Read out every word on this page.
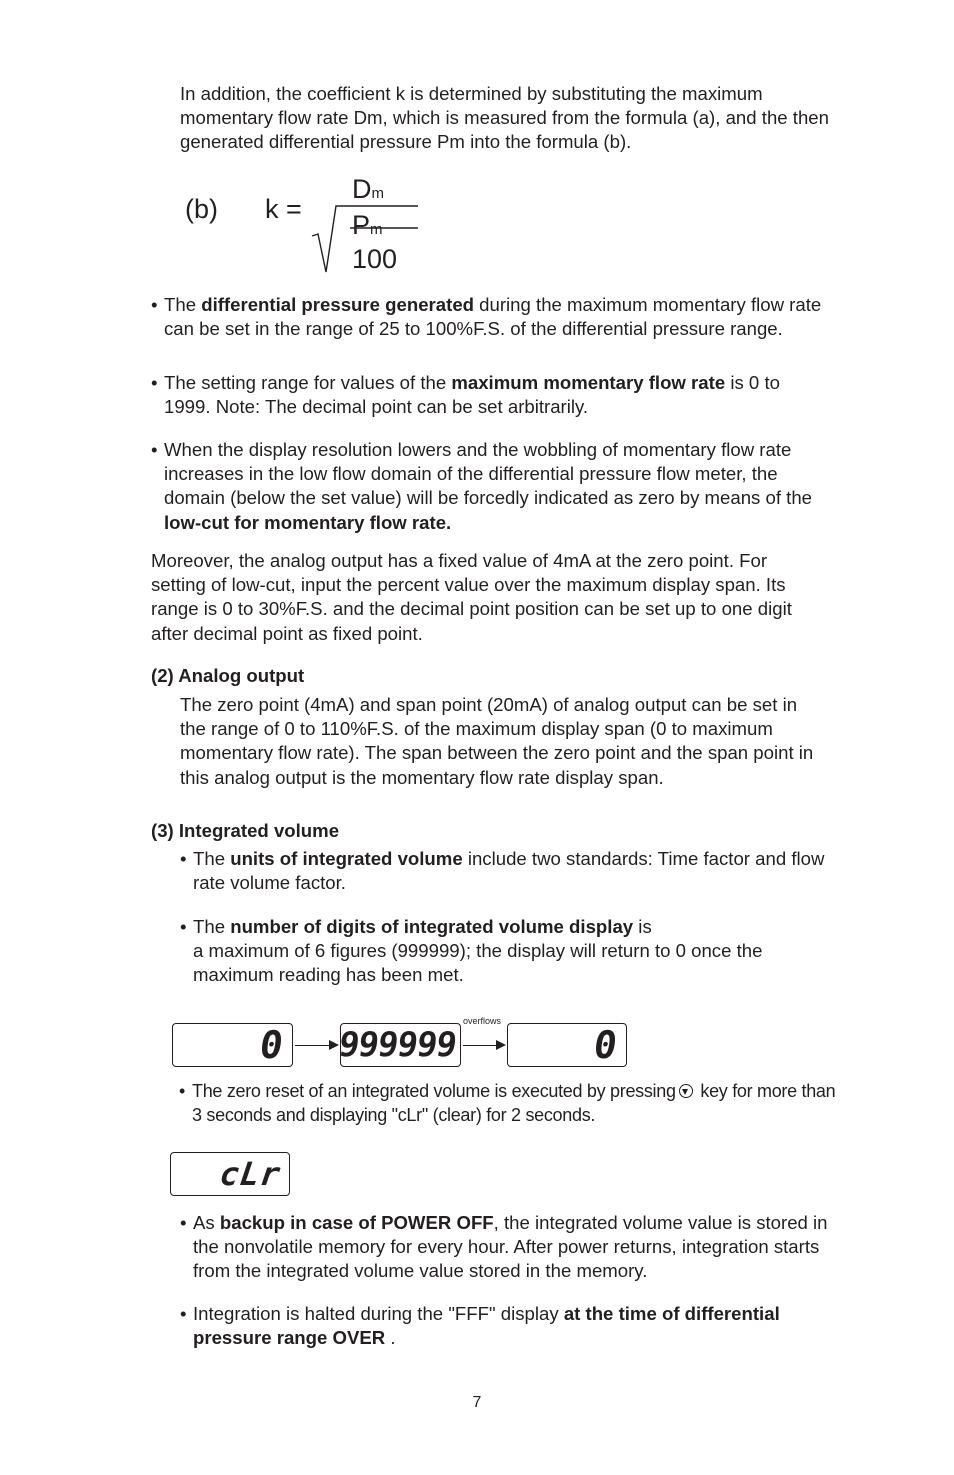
In addition, the coefficient k is determined by substituting the maximum momentary flow rate Dm, which is measured from the formula (a), and the then generated differential pressure Pm into the formula (b).

(b) k =
Dm
Pm
100
• The differential pressure generated during the maximum momentary flow rate can be set in the range of 25 to 100%F.S. of the differential pressure range.
• The setting range for values of the maximum momentary flow rate is 0 to 1999. Note: The decimal point can be set arbitrarily.
• When the display resolution lowers and the wobbling of momentary flow rate increases in the low flow domain of the differential pressure flow meter, the domain (below the set value) will be forcedly indicated as zero by means of the low-cut for momentary flow rate.

Moreover, the analog output has a fixed value of 4mA at the zero point. For setting of low-cut, input the percent value over the maximum display span. Its range is 0 to 30%F.S. and the decimal point position can be set up to one digit after decimal point as fixed point.

(2) Analog output

The zero point (4mA) and span point (20mA) of analog output can be set in the range of 0 to 110%F.S. of the maximum display span (0 to maximum momentary flow rate). The span between the zero point and the span point in this analog output is the momentary flow rate display span.

(3) Integrated volume
• The units of integrated volume include two standards: Time factor and flow rate volume factor.
• The number of digits of integrated volume display is
a maximum of 6 figures (999999); the display will return to 0 once the maximum reading has been met.
0 999999
overflows
0
• The zero reset of an integrated volume is executed by pressing key for more than 3 seconds and displaying "cLr" (clear) for 2 seconds.
cLr
• As backup in case of POWER OFF, the integrated volume value is stored in the nonvolatile memory for every hour. After power returns, integration starts from the integrated volume value stored in the memory.
• Integration is halted during the "FFF" display at the time of differential pressure range OVER .
7
